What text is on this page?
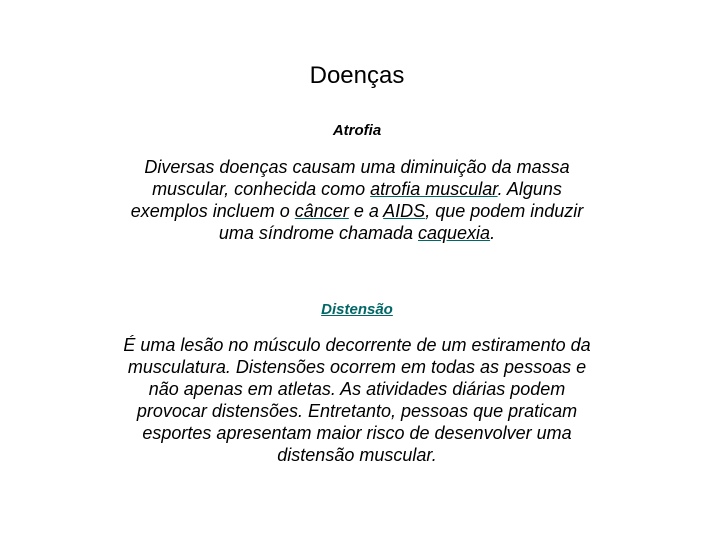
Doenças
Atrofia

Diversas doenças causam uma diminuição da massa muscular, conhecida como atrofia muscular. Alguns exemplos incluem o câncer e a AIDS, que podem induzir uma síndrome chamada caquexia.

Distensão

É uma lesão no músculo decorrente de um estiramento da musculatura. Distensões ocorrem em todas as pessoas e não apenas em atletas. As atividades diárias podem provocar distensões. Entretanto, pessoas que praticam esportes apresentam maior risco de desenvolver uma distensão muscular.
